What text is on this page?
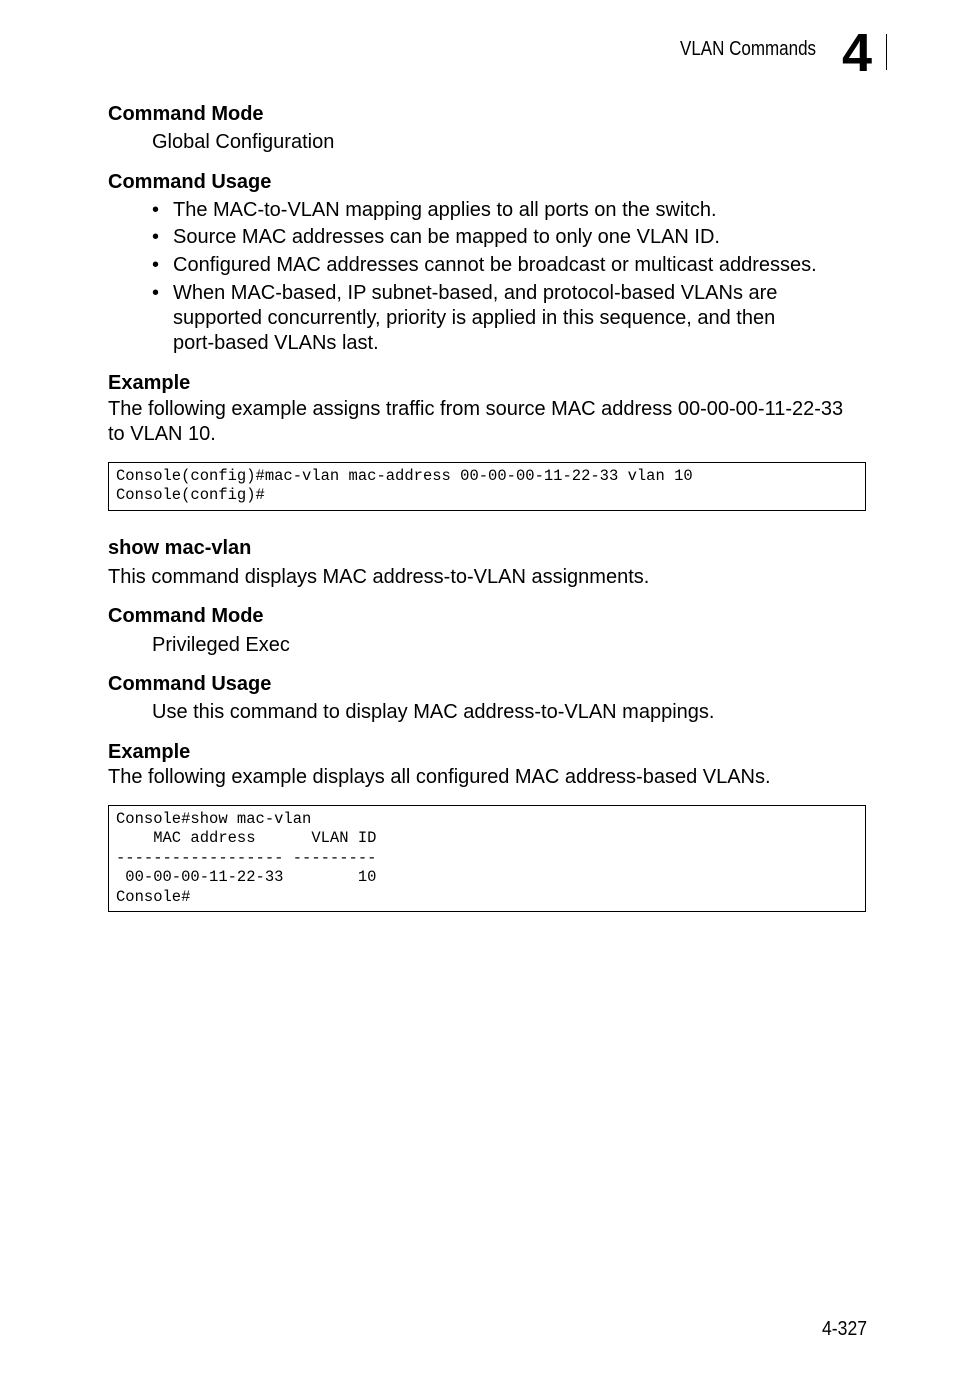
VLAN Commands 4
Command Mode
Global Configuration
Command Usage
• The MAC-to-VLAN mapping applies to all ports on the switch.
• Source MAC addresses can be mapped to only one VLAN ID.
• Configured MAC addresses cannot be broadcast or multicast addresses.
• When MAC-based, IP subnet-based, and protocol-based VLANs are
supported concurrently, priority is applied in this sequence, and then
port-based VLANs last.
Example
The following example assigns traffic from source MAC address 00-00-00-11-22-33
to VLAN 10.
Console(config)#mac-vlan mac-address 00-00-00-11-22-33 vlan 10
Console(config)#
show mac-vlan
This command displays MAC address-to-VLAN assignments.
Command Mode
Privileged Exec
Command Usage
Use this command to display MAC address-to-VLAN mappings.
Example
The following example displays all configured MAC address-based VLANs.
Console#show mac-vlan
MAC address      VLAN ID
------------------ ---------
00-00-00-11-22-33        10
Console#
4-327
